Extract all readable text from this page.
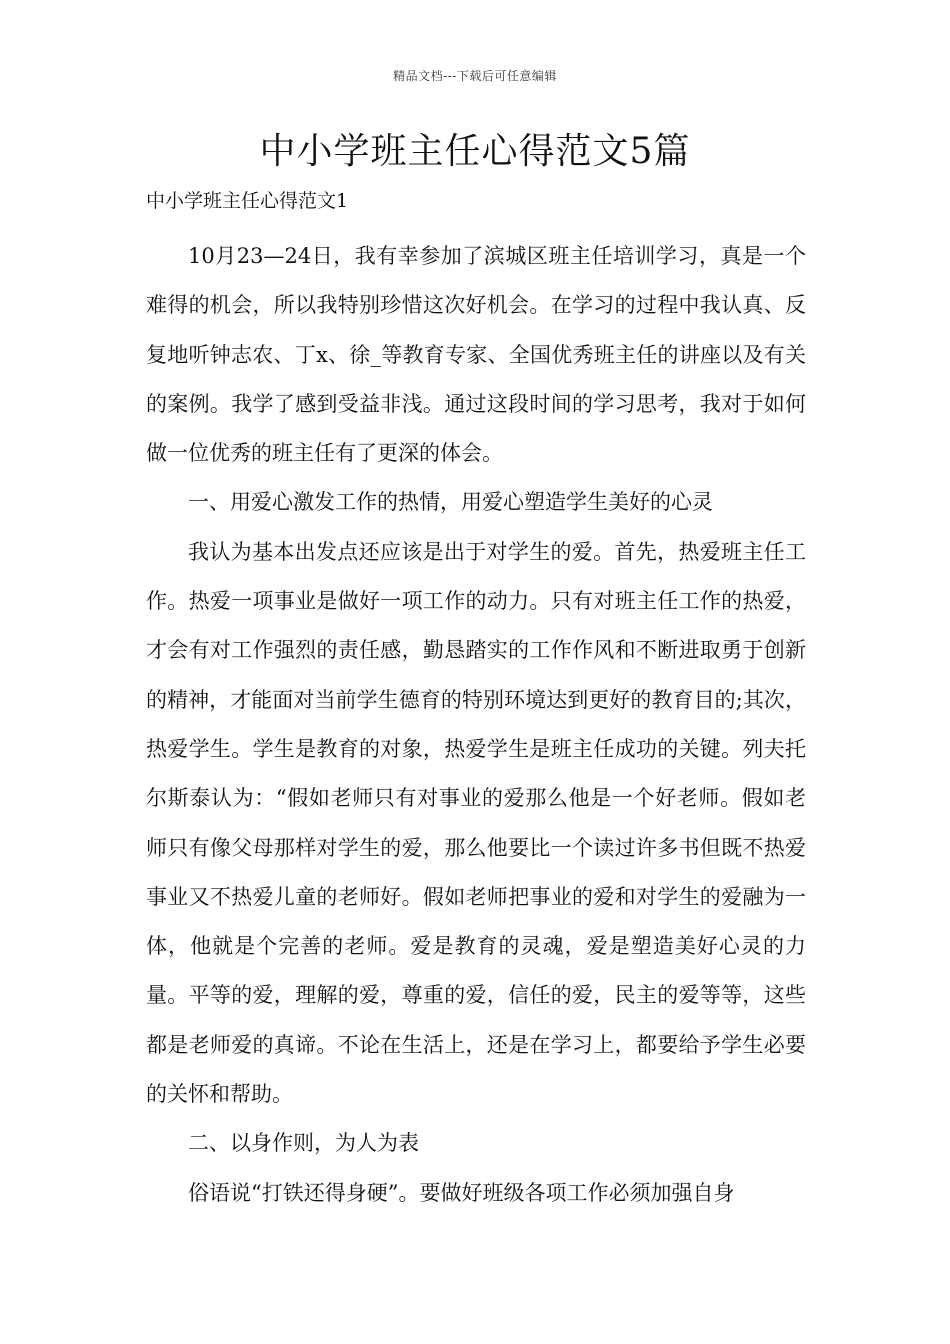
精品文档---下载后可任意编辑
中小学班主任心得范文5篇

中小学班主任心得范文1

10月23—24日，我有幸参加了滨城区班主任培训学习，真是一个难得的机会，所以我特别珍惜这次好机会。在学习的过程中我认真、反复地听钟志农、丁x、徐_等教育专家、全国优秀班主任的讲座以及有关的案例。我学了感到受益非浅。通过这段时间的学习思考，我对于如何做一位优秀的班主任有了更深的体会。

一、用爱心激发工作的热情，用爱心塑造学生美好的心灵

我认为基本出发点还应该是出于对学生的爱。首先，热爱班主任工作。热爱一项事业是做好一项工作的动力。只有对班主任工作的热爱，才会有对工作强烈的责任感，勤恳踏实的工作作风和不断进取勇于创新的精神，才能面对当前学生德育的特别环境达到更好的教育目的;其次，热爱学生。学生是教育的对象，热爱学生是班主任成功的关键。列夫托尔斯泰认为：“假如老师只有对事业的爱那么他是一个好老师。假如老师只有像父母那样对学生的爱，那么他要比一个读过许多书但既不热爱事业又不热爱儿童的老师好。假如老师把事业的爱和对学生的爱融为一体，他就是个完善的老师。爱是教育的灵魂，爱是塑造美好心灵的力量。平等的爱，理解的爱，尊重的爱，信任的爱，民主的爱等等，这些都是老师爱的真谛。不论在生活上，还是在学习上，都要给予学生必要的关怀和帮助。

二、以身作则，为人为表

俗语说“打铁还得身硬”。要做好班级各项工作必须加强自身
